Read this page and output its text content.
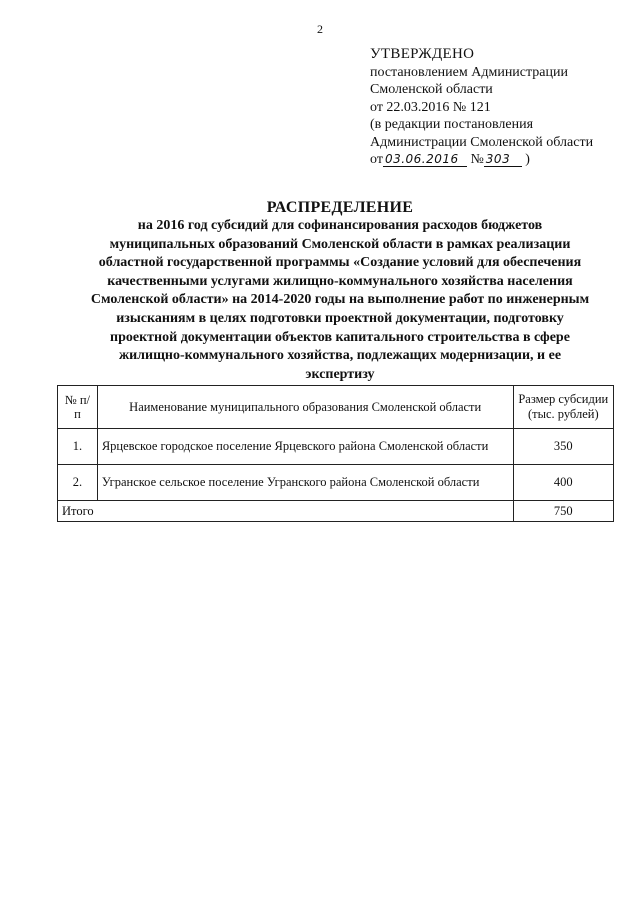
2
УТВЕРЖДЕНО
постановлением Администрации
Смоленской области
от 22.03.2016 № 121
(в редакции постановления
Администрации Смоленской области
от 03.06.2016 № 303 )
РАСПРЕДЕЛЕНИЕ
на 2016 год субсидий для софинансирования расходов бюджетов
муниципальных образований Смоленской области в рамках реализации
областной государственной программы «Создание условий для обеспечения
качественными услугами жилищно-коммунального хозяйства населения
Смоленской области» на 2014-2020 годы на выполнение работ по инженерным
изысканиям в целях подготовки проектной документации, подготовку
проектной документации объектов капитального строительства в сфере
жилищно-коммунального хозяйства, подлежащих модернизации, и ее
экспертизу
№ п/п	Наименование муниципального образования Смоленской области	Размер субсидии (тыс. рублей)
1.	Ярцевское городское поселение Ярцевского района Смоленской области	350
2.	Угранское сельское поселение Угранского района Смоленской области	400
Итого		750
